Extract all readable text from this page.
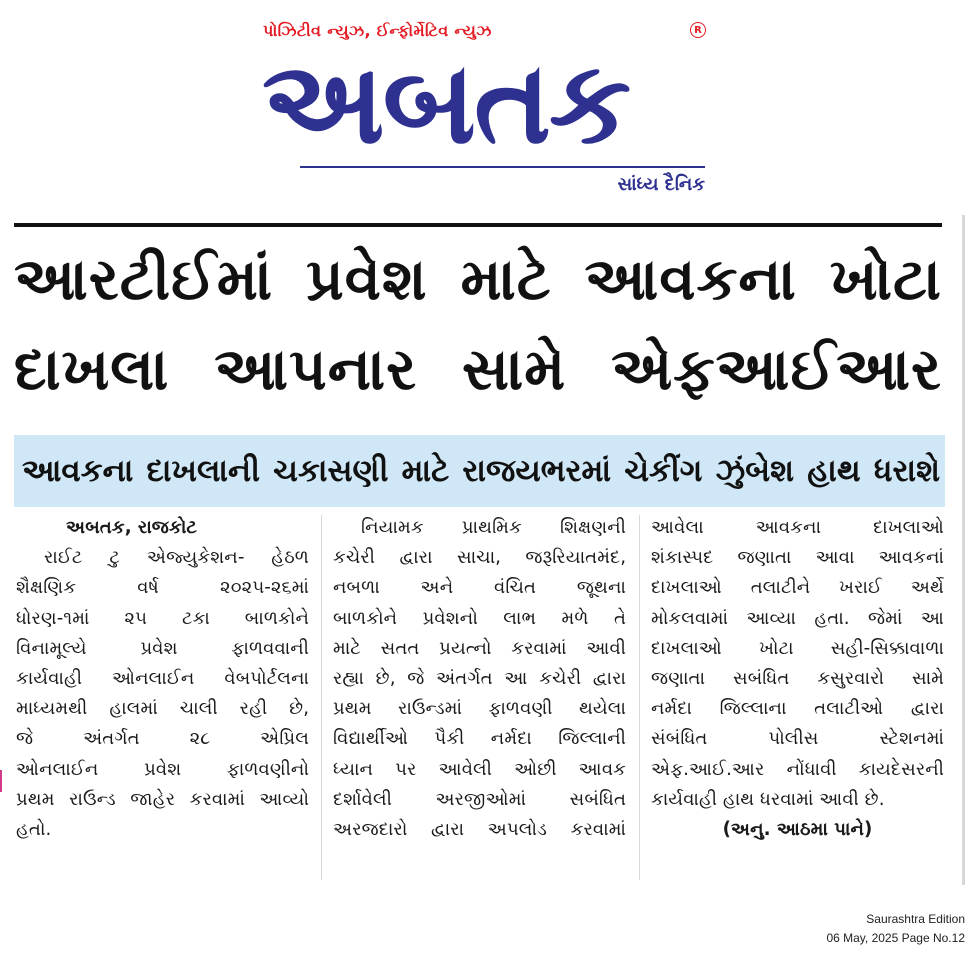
પોઝિટીવ ન્યુઝ, ઈન્ફોર્મેટિવ ન્યુઝ	R
અબતક
સાંધ્ય દૈનિક
આરટીઈમાં પ્રવેશ માટે આવકના ખોટા
દાખલા આપનાર સામે એફઆઈઆર
આવકના દાખલાની ચકાસણી માટે રાજયભરમાં ચેકીંગ ઝુંબેશ હાથ ધરાશે
અબતક, રાજકોટ
રાઈટ ટુ એજ્યુકેશન- હેઠળ
શૈક્ષણિક વર્ષ ૨૦૨૫-૨૬માં
ધોરણ-૧માં ૨૫ ટકા બાળકોને
વિનામૂલ્યે પ્રવેશ ફાળવવાની
કાર્યવાહી ઓનલાઈન વેબપોર્ટલના
માધ્યમથી હાલમાં ચાલી રહી છે,
જે અંતર્ગત ૨૮ એપ્રિલ
ઓનલાઈન પ્રવેશ ફાળવણીનો
પ્રથમ રાઉન્ડ જાહેર કરવામાં આવ્યો
હતો.
નિયામક પ્રાથમિક શિક્ષણની
કચેરી દ્વારા સાચા, જરૂરિયાતમંદ,
નબળા અને વંચિત જૂથના
બાળકોને પ્રવેશનો લાભ મળે તે
માટે સતત પ્રયત્નો કરવામાં આવી
રહ્યા છે, જે અંતર્ગત આ કચેરી દ્વારા
પ્રથમ રાઉન્ડમાં ફાળવણી થયેલા
વિદ્યાર્થીઓ પૈકી નર્મદા જિલ્લાની
ધ્યાન પર આવેલી ઓછી આવક
દર્શાવેલી અરજીઓમાં સબંધિત
અરજદારો દ્વારા અપલોડ કરવામાં
આવેલા આવકના દાખલાઓ
શંકાસ્પદ જણાતા આવા આવકનાં
દાખલાઓ તલાટીને ખરાઈ અર્થે
મોકલવામાં આવ્યા હતા. જેમાં આ
દાખલાઓ ખોટા સહી-સિક્કાવાળા
જણાતા સબંધિત કસુરવારો સામે
નર્મદા જિલ્લાના તલાટીઓ દ્વારા
સંબંધિત પોલીસ સ્ટેશનમાં
એફ.આઈ.આર નોંધાવી કાયદેસરની
કાર્યવાહી હાથ ધરવામાં આવી છે.
(અનુ. આઠમા પાને)
Saurashtra Edition
06 May, 2025 Page No.12
